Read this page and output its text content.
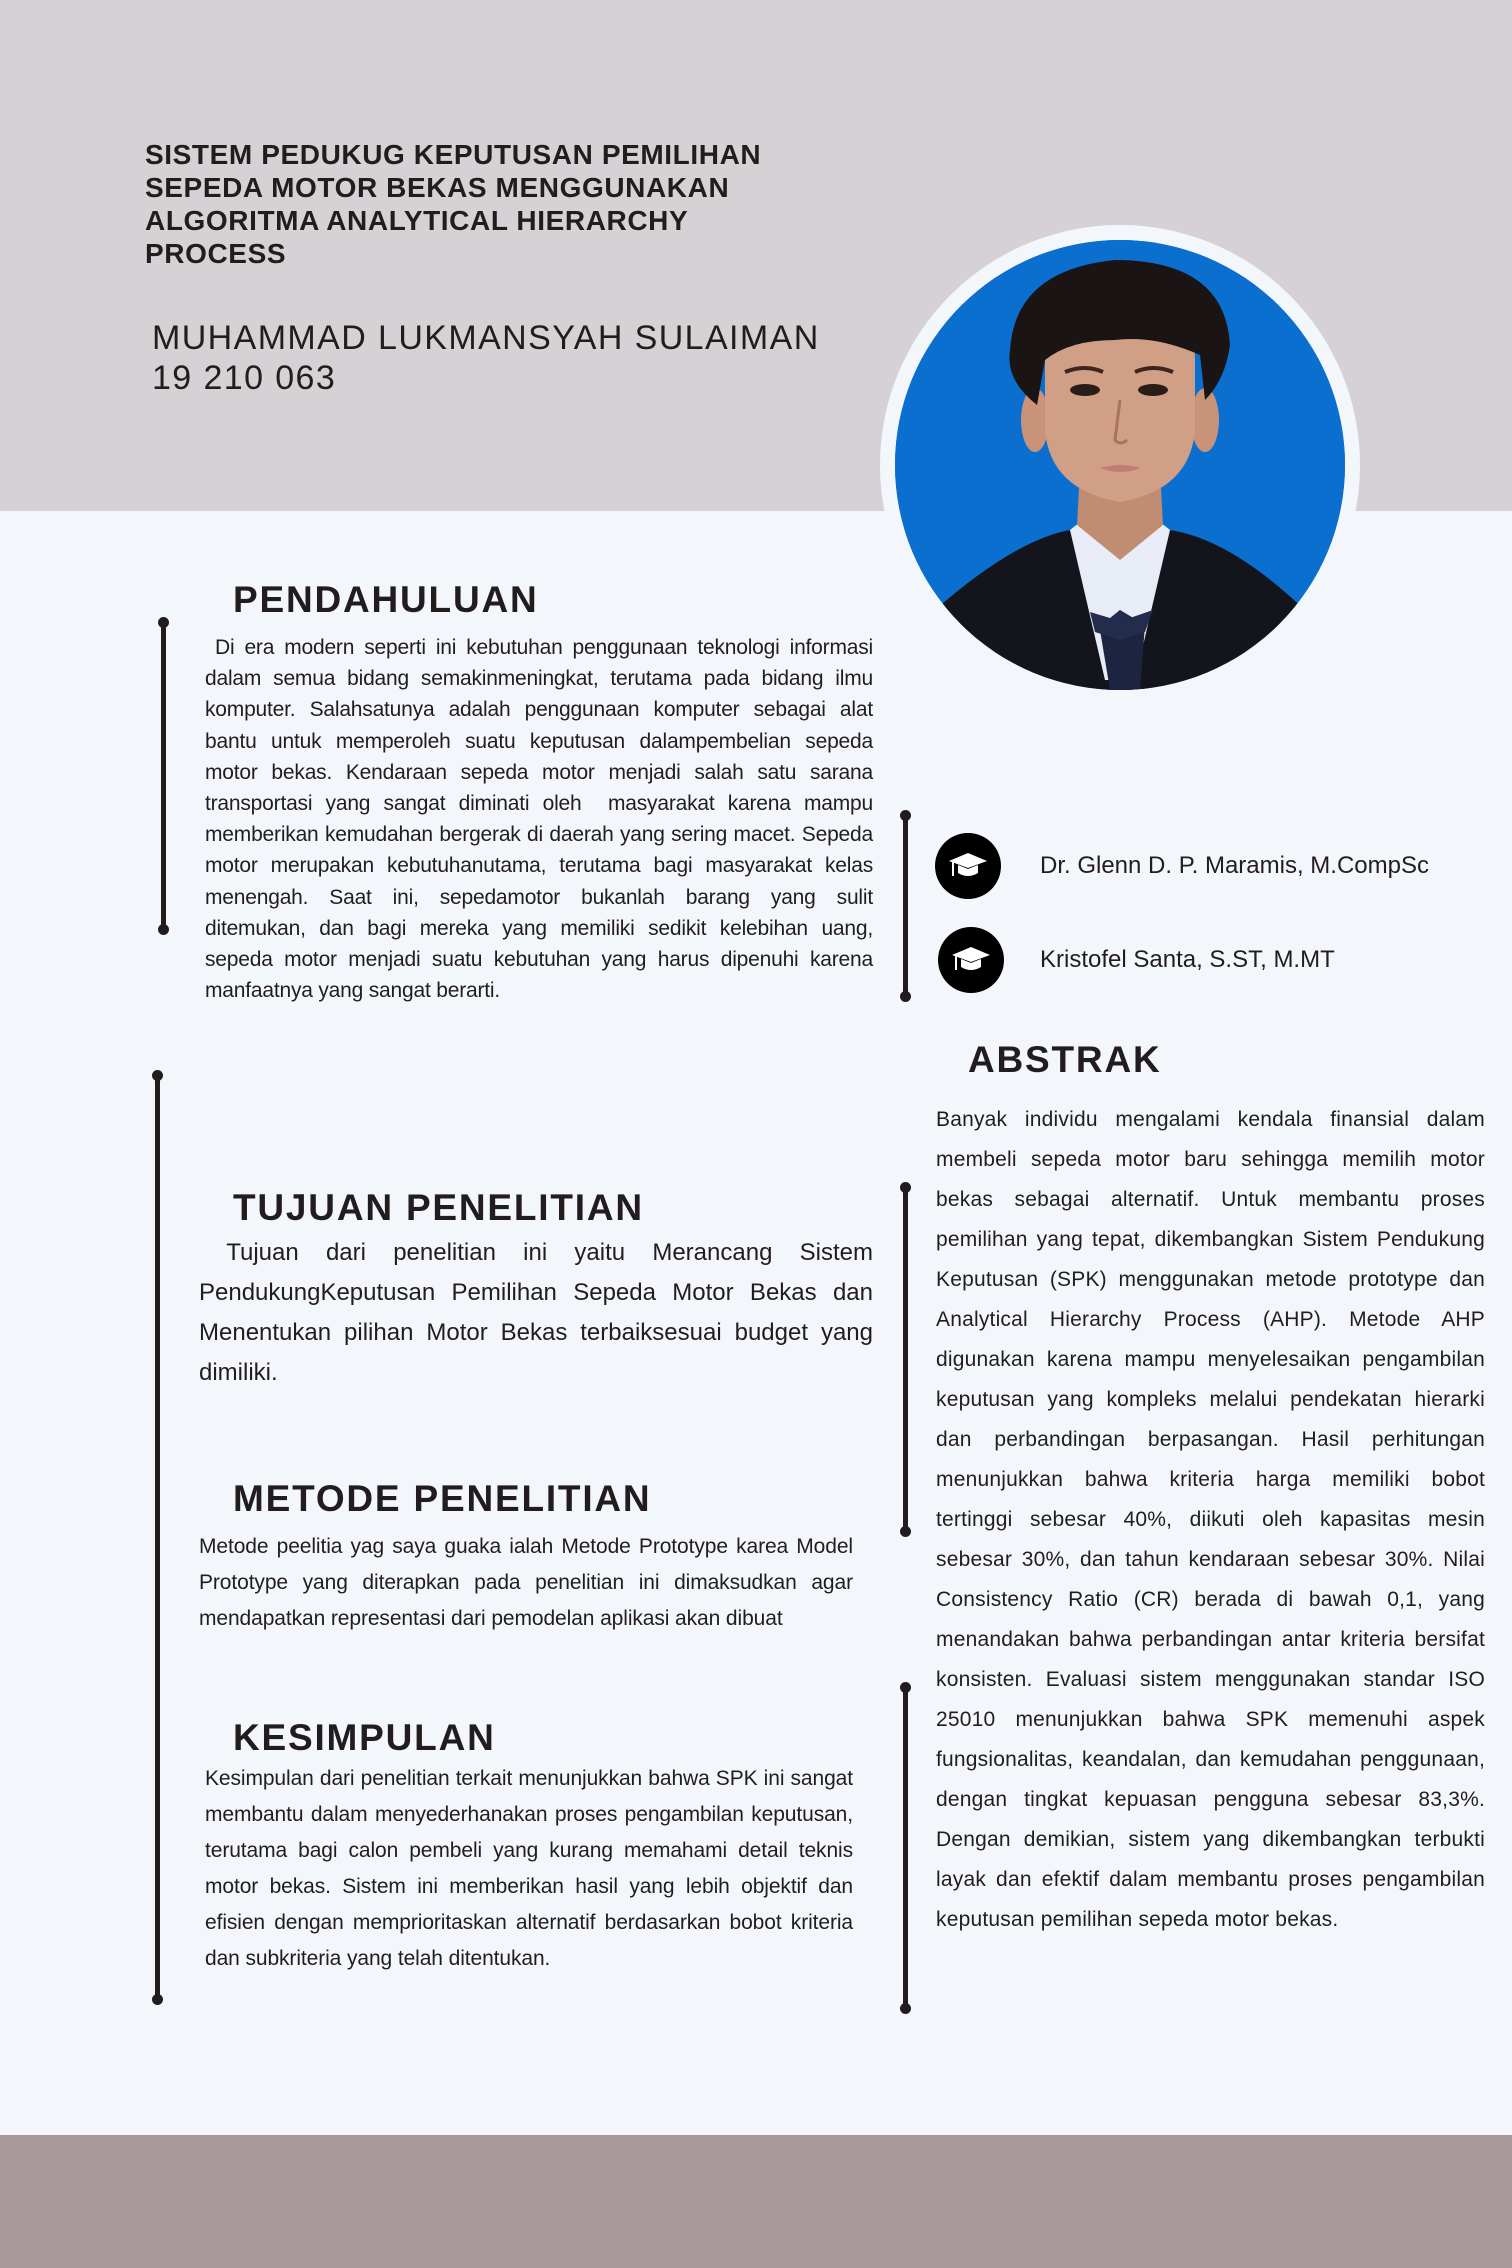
SISTEM PEDUKUG KEPUTUSAN PEMILIHAN
SEPEDA MOTOR BEKAS MENGGUNAKAN
ALGORITMA ANALYTICAL HIERARCHY
PROCESS
MUHAMMAD LUKMANSYAH SULAIMAN
19 210 063
PENDAHULUAN

Di era modern seperti ini kebutuhan penggunaan teknologi informasi dalam semua bidang semakinmeningkat, terutama pada bidang ilmu komputer. Salahsatunya adalah penggunaan komputer sebagai alat bantu untuk memperoleh suatu keputusan dalampembelian sepeda motor bekas. Kendaraan sepeda motor menjadi salah satu sarana transportasi yang sangat diminati oleh  masyarakat karena mampu memberikan kemudahan bergerak di daerah yang sering macet. Sepeda motor merupakan kebutuhanutama, terutama bagi masyarakat kelas menengah. Saat ini, sepedamotor bukanlah barang yang sulit  ditemukan, dan bagi mereka yang memiliki sedikit kelebihan uang, sepeda motor menjadi suatu kebutuhan yang harus dipenuhi karena manfaatnya yang sangat berarti.

TUJUAN PENELITIAN

Tujuan dari penelitian ini yaitu Merancang Sistem PendukungKeputusan Pemilihan Sepeda Motor Bekas dan Menentukan pilihan Motor Bekas terbaiksesuai budget yang dimiliki.

METODE PENELITIAN

Metode peelitia yag saya guaka ialah Metode Prototype karea Model Prototype yang diterapkan pada penelitian ini dimaksudkan agar mendapatkan representasi dari pemodelan aplikasi akan dibuat

KESIMPULAN

Kesimpulan dari penelitian terkait menunjukkan bahwa SPK ini sangat membantu dalam menyederhanakan proses pengambilan keputusan, terutama bagi calon pembeli yang kurang memahami detail teknis motor bekas. Sistem ini memberikan hasil yang lebih objektif dan efisien dengan memprioritaskan alternatif berdasarkan bobot kriteria dan subkriteria yang telah ditentukan.

Dr. Glenn D. P. Maramis, M.CompSc
Kristofel Santa, S.ST, M.MT
ABSTRAK

Banyak individu mengalami kendala finansial dalam membeli sepeda motor baru sehingga memilih motor bekas sebagai alternatif. Untuk membantu proses pemilihan yang tepat, dikembangkan Sistem Pendukung Keputusan (SPK) menggunakan metode prototype dan Analytical Hierarchy Process (AHP). Metode AHP digunakan karena mampu menyelesaikan pengambilan keputusan yang kompleks melalui pendekatan hierarki dan perbandingan berpasangan. Hasil perhitungan menunjukkan bahwa kriteria harga memiliki bobot tertinggi sebesar 40%, diikuti oleh kapasitas mesin sebesar 30%, dan tahun kendaraan sebesar 30%. Nilai Consistency Ratio (CR) berada di bawah 0,1, yang menandakan bahwa perbandingan antar kriteria bersifat konsisten. Evaluasi sistem menggunakan standar ISO 25010 menunjukkan bahwa SPK memenuhi aspek fungsionalitas, keandalan, dan kemudahan penggunaan, dengan tingkat kepuasan pengguna sebesar 83,3%. Dengan demikian, sistem yang dikembangkan terbukti layak dan efektif dalam membantu proses pengambilan keputusan pemilihan sepeda motor bekas.
